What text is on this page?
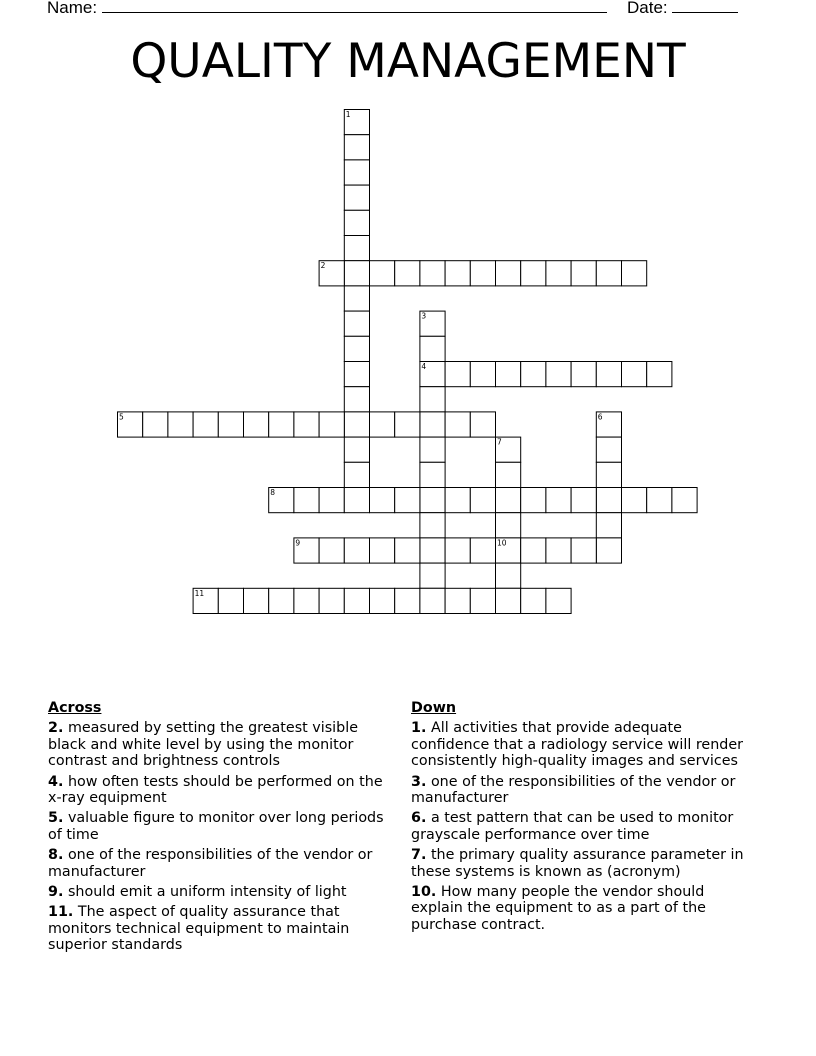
Name:	Date:
QUALITY MANAGEMENT
1
2
3
4
5	6
7
8
9	10
11
Across
2. measured by setting the greatest visible black and white level by using the monitor contrast and brightness controls
4. how often tests should be performed on the x-ray equipment
5. valuable figure to monitor over long periods of time
8. one of the responsibilities of the vendor or manufacturer
9. should emit a uniform intensity of light
11. The aspect of quality assurance that monitors technical equipment to maintain superior standards
Down
1. All activities that provide adequate confidence that a radiology service will render consistently high-quality images and services
3. one of the responsibilities of the vendor or manufacturer
6. a test pattern that can be used to monitor grayscale performance over time
7. the primary quality assurance parameter in these systems is known as (acronym)
10. How many people the vendor should explain the equipment to as a part of the purchase contract.
